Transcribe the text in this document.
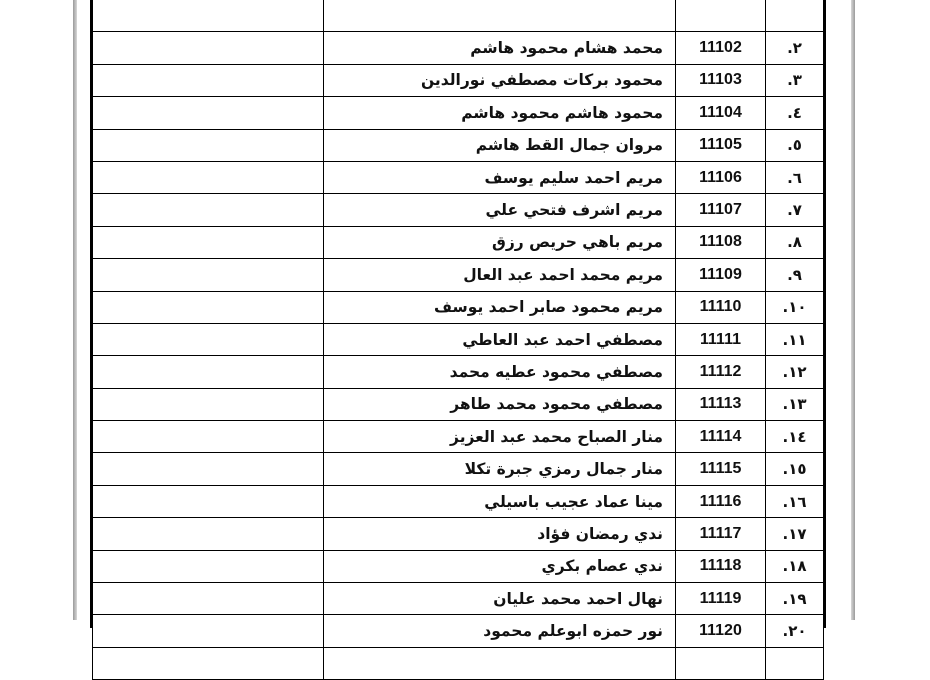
٢.	11102	محمد هشام محمود هاشم	
٣.	11103	محمود بركات مصطفي نورالدين	
٤.	11104	محمود هاشم محمود هاشم	
٥.	11105	مروان جمال القط هاشم	
٦.	11106	مريم احمد سليم يوسف	
٧.	11107	مريم اشرف فتحي علي	
٨.	11108	مريم باهي حريص رزق	
٩.	11109	مريم محمد احمد عبد العال	
١٠.	11110	مريم محمود صابر احمد يوسف	
١١.	11111	مصطفي احمد عبد العاطي	
١٢.	11112	مصطفي محمود عطيه محمد	
١٣.	11113	مصطفي محمود محمد طاهر	
١٤.	11114	منار الصباح محمد عبد العزيز	
١٥.	11115	منار جمال رمزي جبرة تكلا	
١٦.	11116	مينا عماد عجيب باسيلي	
١٧.	11117	ندي رمضان فؤاد	
١٨.	11118	ندي عصام بكري	
١٩.	11119	نهال احمد محمد عليان	
٢٠.	11120	نور حمزه ابوعلم محمود	
